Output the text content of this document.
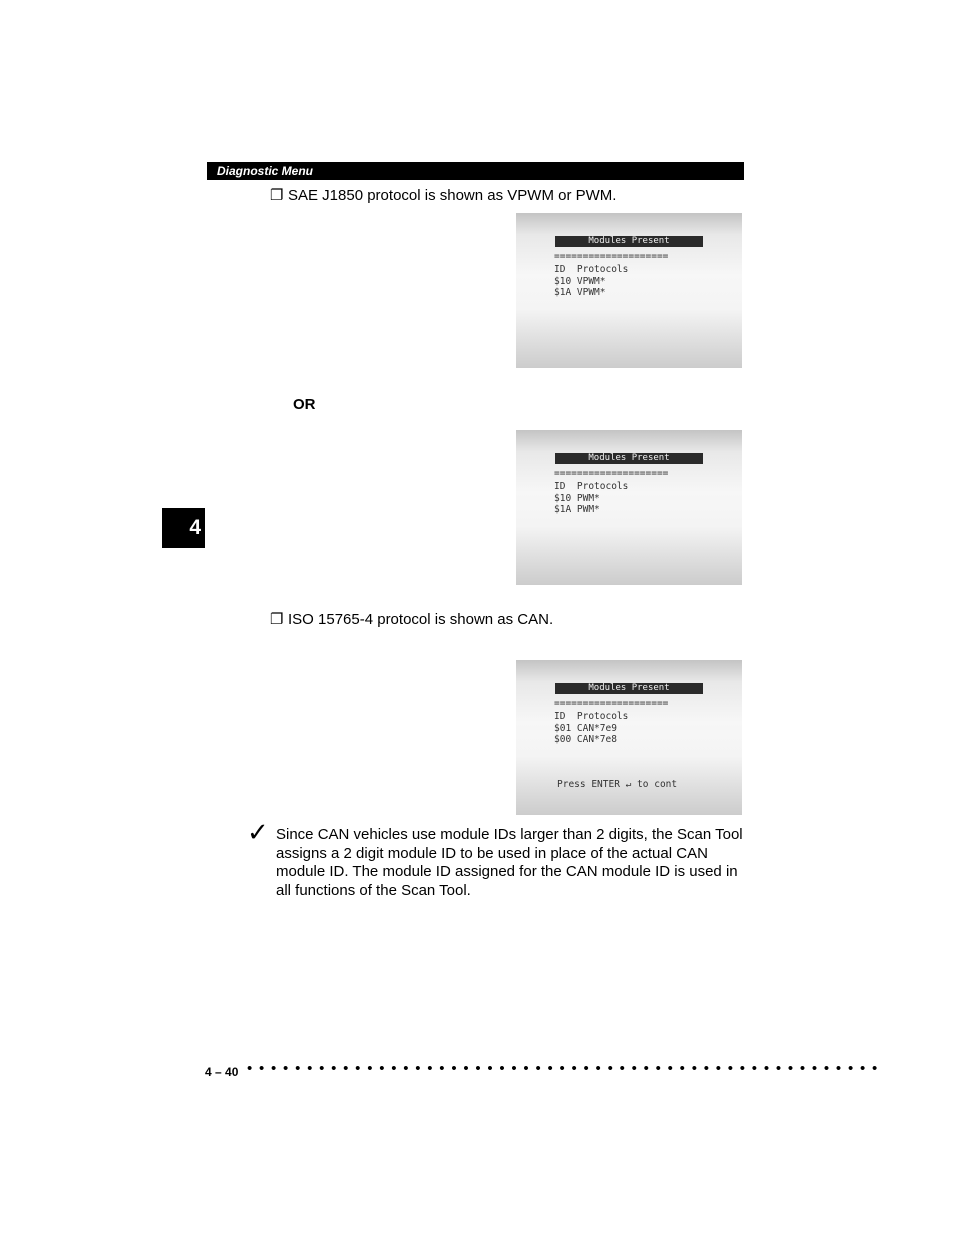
Diagnostic Menu
4
❐ SAE J1850 protocol is shown as VPWM or PWM.
Modules Present
====================
ID  Protocols
$10 VPWM*
$1A VPWM*
OR
Modules Present
====================
ID  Protocols
$10 PWM*
$1A PWM*
❐ ISO 15765-4 protocol is shown as CAN.
Modules Present
====================
ID  Protocols
$01 CAN*7e9
$00 CAN*7e8
Press ENTER ↵ to cont
✓ Since CAN vehicles use module IDs larger than 2 digits, the Scan Tool assigns a 2 digit module ID to be used in place of the actual CAN module ID. The module ID assigned for the CAN module ID is used in all functions of the Scan Tool.
4 – 40 • • • • • • • • • • • • • • • • • • • • • • • • • • • • • • • • • • • • • • • • • • • • • • • • • • • • •
